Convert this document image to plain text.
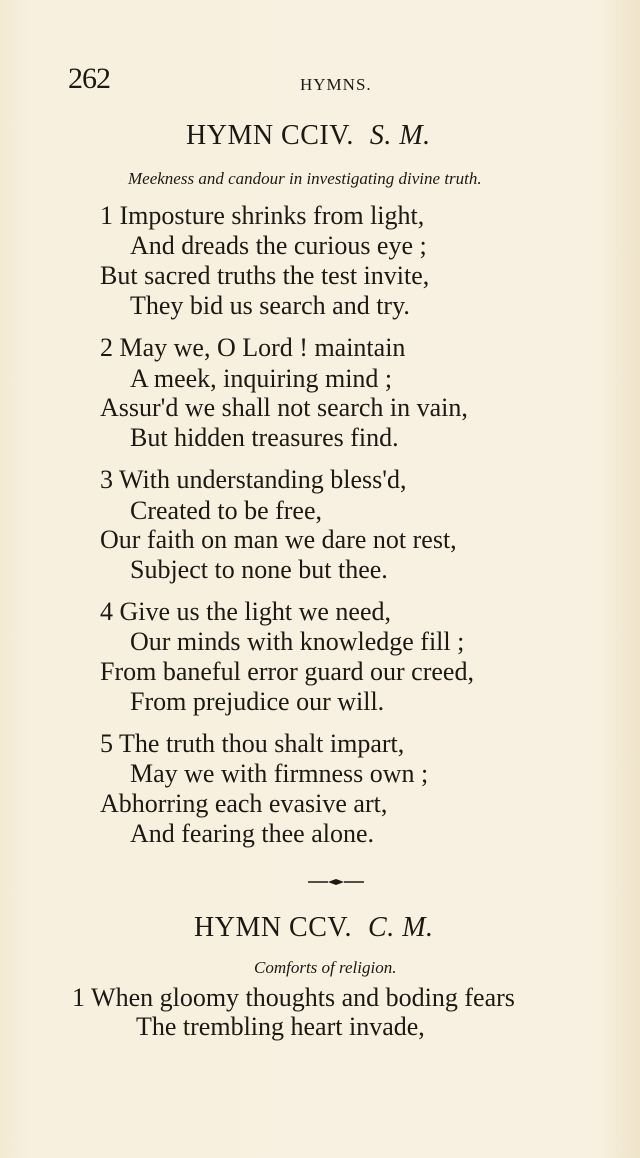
262	HYMNS.
HYMN CCIV. S. M.
Meekness and candour in investigating divine truth.
1 Imposture shrinks from light,
And dreads the curious eye ;
But sacred truths the test invite,
They bid us search and try.
2 May we, O Lord ! maintain
A meek, inquiring mind ;
Assur'd we shall not search in vain,
But hidden treasures find.
3 With understanding bless'd,
Created to be free,
Our faith on man we dare not rest,
Subject to none but thee.
4 Give us the light we need,
Our minds with knowledge fill ;
From baneful error guard our creed,
From prejudice our will.
5 The truth thou shalt impart,
May we with firmness own ;
Abhorring each evasive art,
And fearing thee alone.
HYMN CCV. C. M.
Comforts of religion.
1 When gloomy thoughts and boding fears
The trembling heart invade,
